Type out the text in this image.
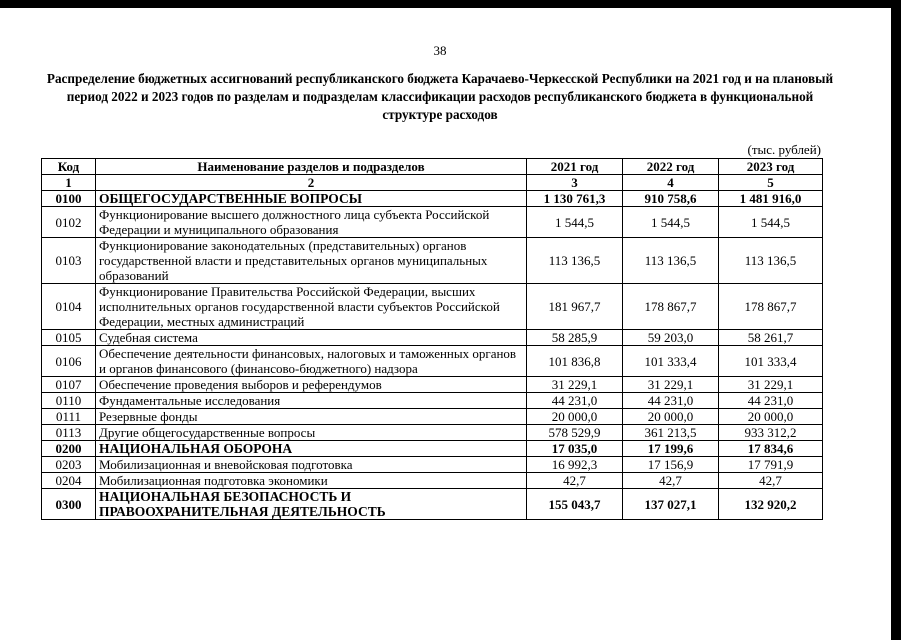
38
Распределение бюджетных ассигнований республиканского бюджета Карачаево-Черкесской Республики на 2021 год и на плановый период 2022 и 2023 годов по разделам и подразделам классификации расходов республиканского бюджета в функциональной структуре расходов
(тыс. рублей)
Код	Наименование разделов и подразделов	2021 год	2022 год	2023 год
1	2	3	4	5
0100	ОБЩЕГОСУДАРСТВЕННЫЕ ВОПРОСЫ	1 130 761,3	910 758,6	1 481 916,0
0102	Функционирование высшего должностного лица субъекта Российской Федерации и муниципального образования	1 544,5	1 544,5	1 544,5
0103	Функционирование законодательных (представительных) органов государственной власти и представительных органов муниципальных образований	113 136,5	113 136,5	113 136,5
0104	Функционирование Правительства Российской Федерации, высших исполнительных органов государственной власти субъектов Российской Федерации, местных администраций	181 967,7	178 867,7	178 867,7
0105	Судебная система	58 285,9	59 203,0	58 261,7
0106	Обеспечение деятельности финансовых, налоговых и таможенных органов и органов финансового (финансово-бюджетного) надзора	101 836,8	101 333,4	101 333,4
0107	Обеспечение проведения выборов и референдумов	31 229,1	31 229,1	31 229,1
0110	Фундаментальные исследования	44 231,0	44 231,0	44 231,0
0111	Резервные фонды	20 000,0	20 000,0	20 000,0
0113	Другие общегосударственные вопросы	578 529,9	361 213,5	933 312,2
0200	НАЦИОНАЛЬНАЯ ОБОРОНА	17 035,0	17 199,6	17 834,6
0203	Мобилизационная и вневойсковая подготовка	16 992,3	17 156,9	17 791,9
0204	Мобилизационная подготовка экономики	42,7	42,7	42,7
0300	НАЦИОНАЛЬНАЯ БЕЗОПАСНОСТЬ И ПРАВООХРАНИТЕЛЬНАЯ ДЕЯТЕЛЬНОСТЬ	155 043,7	137 027,1	132 920,2
